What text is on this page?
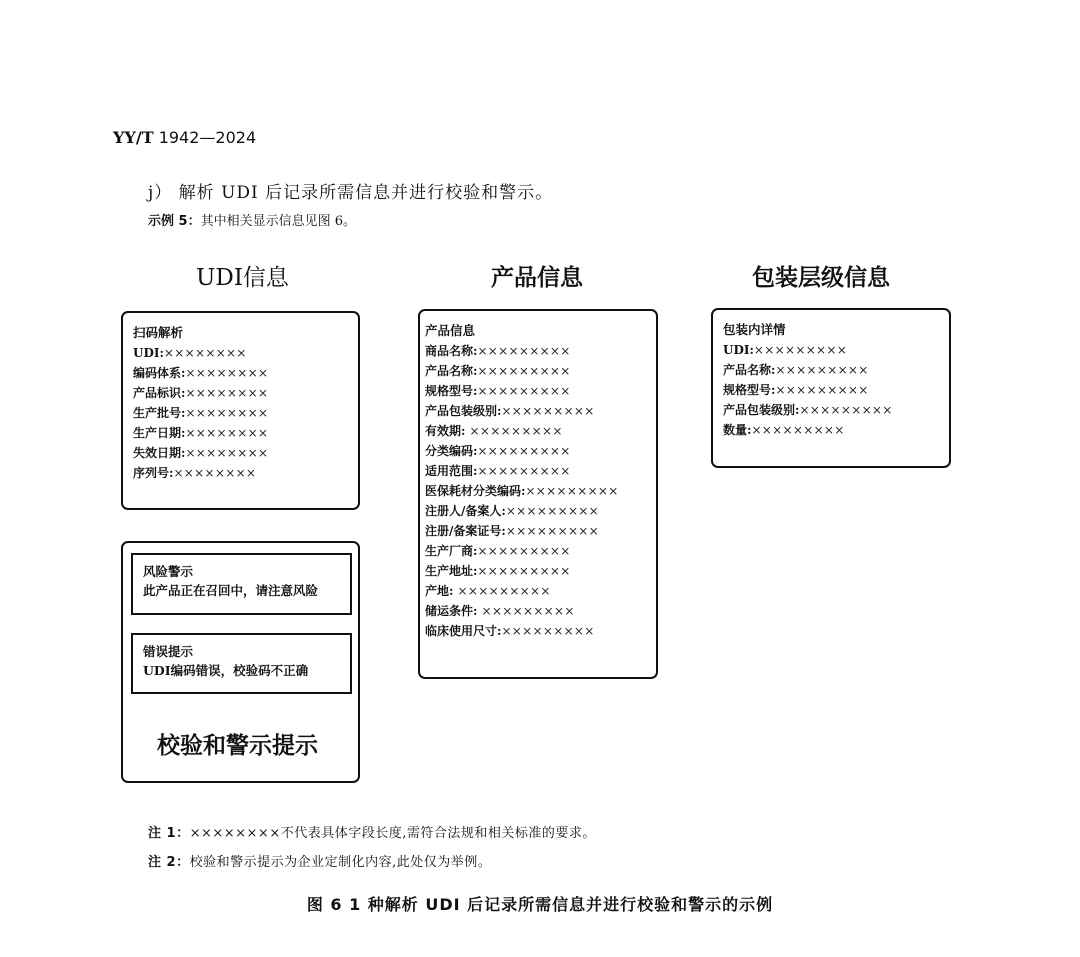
YY/T 1942—2024
j） 解析 UDI 后记录所需信息并进行校验和警示。
示例 5：其中相关显示信息见图 6。
UDI信息	产品信息	包装层级信息
扫码解析
UDI:××××××××
编码体系:××××××××
产品标识:××××××××
生产批号:××××××××
生产日期:××××××××
失效日期:××××××××
序列号:××××××××
风险警示
此产品正在召回中，请注意风险
错误提示
UDI编码错误，校验码不正确
校验和警示提示
产品信息
商品名称:×××××××××
产品名称:×××××××××
规格型号:×××××××××
产品包装级别:×××××××××
有效期: ×××××××××
分类编码:×××××××××
适用范围:×××××××××
医保耗材分类编码:×××××××××
注册人/备案人:×××××××××
注册/备案证号:×××××××××
生产厂商:×××××××××
生产地址:×××××××××
产地: ×××××××××
储运条件: ×××××××××
临床使用尺寸:×××××××××
包装内详情
UDI:×××××××××
产品名称:×××××××××
规格型号:×××××××××
产品包装级别:×××××××××
数量:×××××××××
注 1：××××××××不代表具体字段长度,需符合法规和相关标准的要求。
注 2：校验和警示提示为企业定制化内容,此处仅为举例。
图 6 1 种解析 UDI 后记录所需信息并进行校验和警示的示例
